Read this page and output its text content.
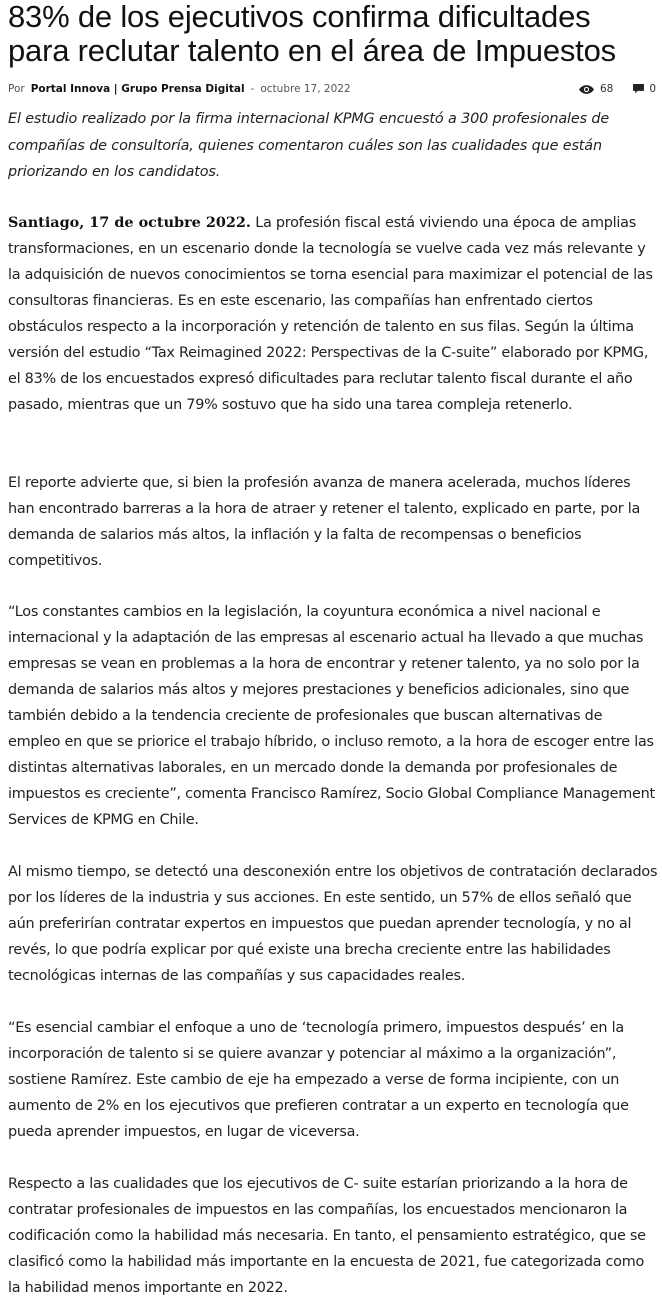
83% de los ejecutivos confirma dificultades para reclutar talento en el área de Impuestos
Por Portal Innova | Grupo Prensa Digital - octubre 17, 2022	68	0

El estudio realizado por la firma internacional KPMG encuestó a 300 profesionales de compañías de consultoría, quienes comentaron cuáles son las cualidades que están priorizando en los candidatos.

Santiago, 17 de octubre 2022. La profesión fiscal está viviendo una época de amplias transformaciones, en un escenario donde la tecnología se vuelve cada vez más relevante y la adquisición de nuevos conocimientos se torna esencial para maximizar el potencial de las consultoras financieras. Es en este escenario, las compañías han enfrentado ciertos obstáculos respecto a la incorporación y retención de talento en sus filas. Según la última versión del estudio “Tax Reimagined 2022: Perspectivas de la C-suite” elaborado por KPMG, el 83% de los encuestados expresó dificultades para reclutar talento fiscal durante el año pasado, mientras que un 79% sostuvo que ha sido una tarea compleja retenerlo.

El reporte advierte que, si bien la profesión avanza de manera acelerada, muchos líderes han encontrado barreras a la hora de atraer y retener el talento, explicado en parte, por la demanda de salarios más altos, la inflación y la falta de recompensas o beneficios competitivos.

“Los constantes cambios en la legislación, la coyuntura económica a nivel nacional e internacional y la adaptación de las empresas al escenario actual ha llevado a que muchas empresas se vean en problemas a la hora de encontrar y retener talento, ya no solo por la demanda de salarios más altos y mejores prestaciones y beneficios adicionales, sino que también debido a la tendencia creciente de profesionales que buscan alternativas de empleo en que se priorice el trabajo híbrido, o incluso remoto, a la hora de escoger entre las distintas alternativas laborales, en un mercado donde la demanda por profesionales de impuestos es creciente”, comenta Francisco Ramírez, Socio Global Compliance Management Services de KPMG en Chile.

Al mismo tiempo, se detectó una desconexión entre los objetivos de contratación declarados por los líderes de la industria y sus acciones. En este sentido, un 57% de ellos señaló que aún preferirían contratar expertos en impuestos que puedan aprender tecnología, y no al revés, lo que podría explicar por qué existe una brecha creciente entre las habilidades tecnológicas internas de las compañías y sus capacidades reales.

“Es esencial cambiar el enfoque a uno de ‘tecnología primero, impuestos después’ en la incorporación de talento si se quiere avanzar y potenciar al máximo a la organización”, sostiene Ramírez. Este cambio de eje ha empezado a verse de forma incipiente, con un aumento de 2% en los ejecutivos que prefieren contratar a un experto en tecnología que pueda aprender impuestos, en lugar de viceversa.

Respecto a las cualidades que los ejecutivos de C- suite estarían priorizando a la hora de contratar profesionales de impuestos en las compañías, los encuestados mencionaron la codificación como la habilidad más necesaria. En tanto, el pensamiento estratégico, que se clasificó como la habilidad más importante en la encuesta de 2021, fue categorizada como la habilidad menos importante en 2022.
